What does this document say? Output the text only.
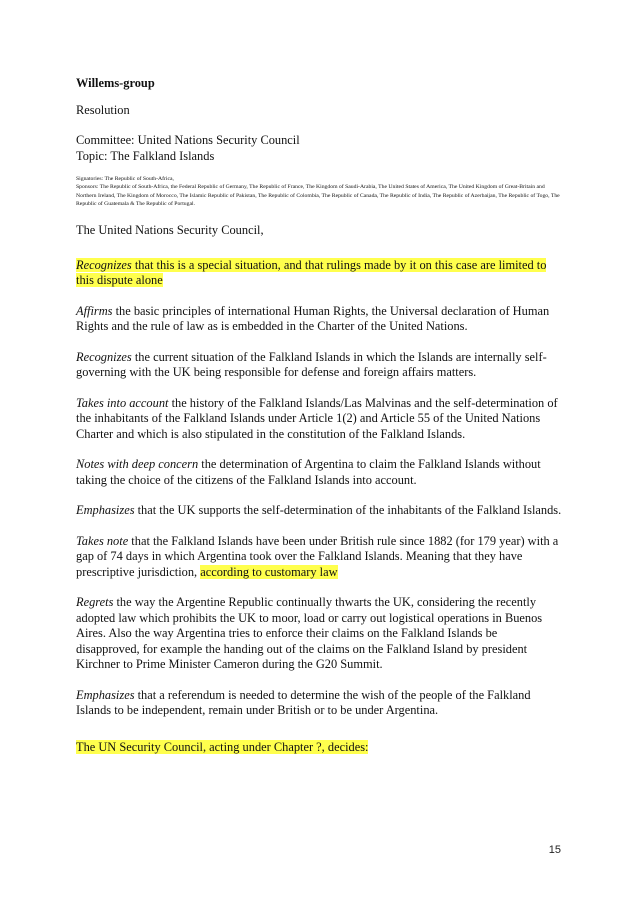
Willems-group

Resolution

Committee: United Nations Security Council

Topic: The Falkland Islands

Signatories: The Republic of South-Africa,

Sponsors: The Republic of South-Africa, the Federal Republic of Germany, The Republic of France, The Kingdom of Saudi-Arabia, The United States of America, The United Kingdom of Great-Britain and Northern Ireland, The Kingdom of Morocco, The Islamic Republic of Pakistan, The Republic of Colombia, The Republic of Canada, The Republic of India, The Republic of Azerbaijan, The Republic of Togo, The Republic of Guatemala & The Republic of Portugal.

The United Nations Security Council,

Recognizes that this is a special situation, and that rulings made by it on this case are limited to this dispute alone

Affirms the basic principles of international Human Rights, the Universal declaration of Human Rights and the rule of law as is embedded in the Charter of the United Nations.

Recognizes the current situation of the Falkland Islands in which the Islands are internally self-governing with the UK being responsible for defense and foreign affairs matters.

Takes into account the history of the Falkland Islands/Las Malvinas and the self-determination of the inhabitants of the Falkland Islands under Article 1(2) and Article 55 of the United Nations Charter and which is also stipulated in the constitution of the Falkland Islands.

Notes with deep concern the determination of Argentina to claim the Falkland Islands without taking the choice of the citizens of the Falkland Islands into account.

Emphasizes that the UK supports the self-determination of the inhabitants of the Falkland Islands.

Takes note that the Falkland Islands have been under British rule since 1882 (for 179 year) with a gap of 74 days in which Argentina took over the Falkland Islands. Meaning that they have prescriptive jurisdiction, according to customary law

Regrets the way the Argentine Republic continually thwarts the UK, considering the recently adopted law which prohibits the UK to moor, load or carry out logistical operations in Buenos Aires. Also the way Argentina tries to enforce their claims on the Falkland Islands be disapproved, for example the handing out of the claims on the Falkland Island by president Kirchner to Prime Minister Cameron during the G20 Summit.

Emphasizes that a referendum is needed to determine the wish of the people of the Falkland Islands to be independent, remain under British or to be under Argentina.

The UN Security Council, acting under Chapter ?, decides:

15
